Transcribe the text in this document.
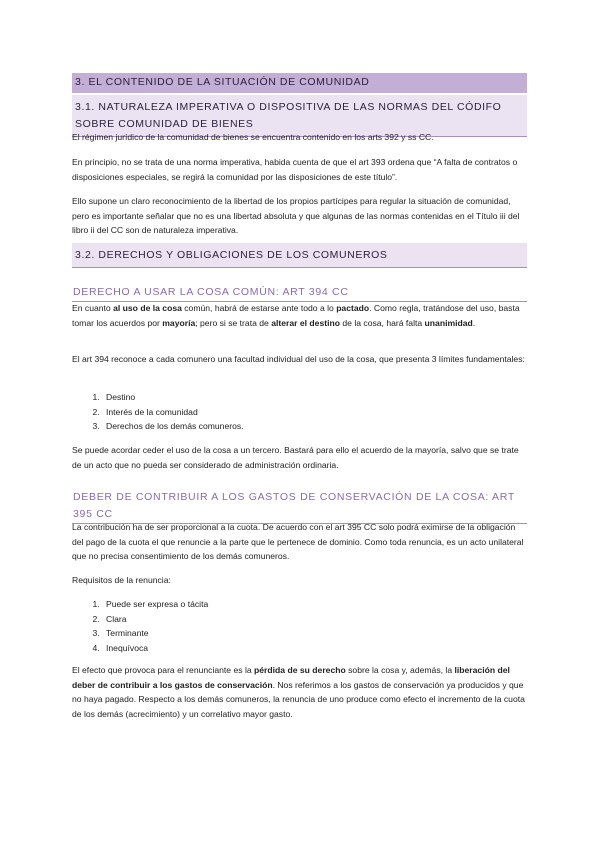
3. EL CONTENIDO DE LA SITUACIÓN DE COMUNIDAD
3.1. NATURALEZA IMPERATIVA O DISPOSITIVA DE LAS NORMAS DEL CÓDIFO SOBRE COMUNIDAD DE BIENES

El régimen jurídico de la comunidad de bienes se encuentra contenido en los arts 392 y ss CC.

En principio, no se trata de una norma imperativa, habida cuenta de que el art 393 ordena que “A falta de contratos o disposiciones especiales, se regirá la comunidad por las disposiciones de este título”.

Ello supone un claro reconocimiento de la libertad de los propios partícipes para regular la situación de comunidad, pero es importante señalar que no es una libertad absoluta y que algunas de las normas contenidas en el Título iii del libro ii del CC son de naturaleza imperativa.

3.2. DERECHOS Y OBLIGACIONES DE LOS COMUNEROS
DERECHO A USAR LA COSA COMÚN: ART 394 CC

En cuanto al uso de la cosa común, habrá de estarse ante todo a lo pactado. Como regla, tratándose del uso, basta tomar los acuerdos por mayoría; pero si se trata de alterar el destino de la cosa, hará falta unanimidad.

El art 394 reconoce a cada comunero una facultad individual del uso de la cosa, que presenta 3 límites fundamentales:

1. Destino
2. Interés de la comunidad
3. Derechos de los demás comuneros.

Se puede acordar ceder el uso de la cosa a un tercero. Bastará para ello el acuerdo de la mayoría, salvo que se trate de un acto que no pueda ser considerado de administración ordinaria.

DEBER DE CONTRIBUIR A LOS GASTOS DE CONSERVACIÓN DE LA COSA: ART 395 CC

La contribución ha de ser proporcional a la cuota. De acuerdo con el art 395 CC solo podrá eximirse de la obligación del pago de la cuota el que renuncie a la parte que le pertenece de dominio. Como toda renuncia, es un acto unilateral que no precisa consentimiento de los demás comuneros.

Requisitos de la renuncia:

1. Puede ser expresa o tácita
2. Clara
3. Terminante
4. Inequívoca

El efecto que provoca para el renunciante es la pérdida de su derecho sobre la cosa y, además, la liberación del deber de contribuir a los gastos de conservación. Nos referimos a los gastos de conservación ya producidos y que no haya pagado. Respecto a los demás comuneros, la renuncia de uno produce como efecto el incremento de la cuota de los demás (acrecimiento) y un correlativo mayor gasto.
